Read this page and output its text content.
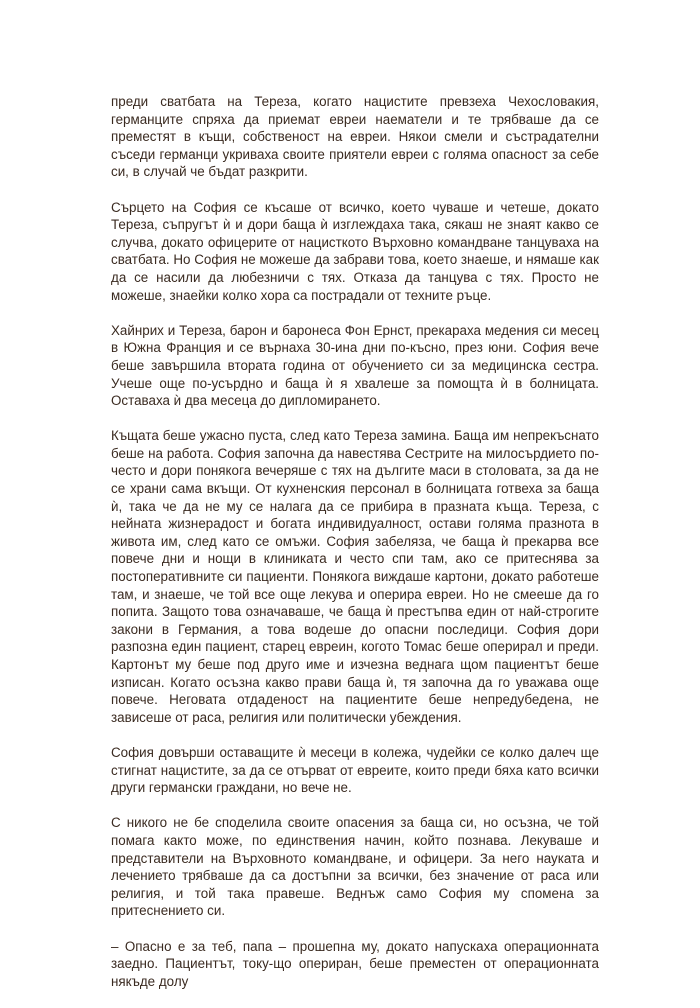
преди сватбата на Тереза, когато нацистите превзеха Чехословакия, германците спряха да приемат евреи наематели и те трябваше да се преместят в къщи, собственост на евреи. Някои смели и състрадателни съседи германци укриваха своите приятели евреи с голяма опасност за себе си, в случай че бъдат разкрити.

Сърцето на София се късаше от всичко, което чуваше и четеше, докато Тереза, съпругът ѝ и дори баща ѝ изглеждаха така, сякаш не знаят какво се случва, докато офицерите от нацисткото Върховно командване танцуваха на сватбата. Но София не можеше да забрави това, което знаеше, и нямаше как да се насили да любезничи с тях. Отказа да танцува с тях. Просто не можеше, знаейки колко хора са пострадали от техните ръце.

Хайнрих и Тереза, барон и баронеса Фон Ернст, прекараха медения си месец в Южна Франция и се върнаха 30-ина дни по-късно, през юни. София вече беше завършила втората година от обучението си за медицинска сестра. Учеше още по-усърдно и баща ѝ я хвалеше за помощта ѝ в болницата. Оставаха ѝ два месеца до дипломирането.

Къщата беше ужасно пуста, след като Тереза замина. Баща им непрекъснато беше на работа. София започна да навестява Сестрите на милосърдието по-често и дори понякога вечеряше с тях на дългите маси в столовата, за да не се храни сама вкъщи. От кухненския персонал в болницата готвеха за баща ѝ, така че да не му се налага да се прибира в празната къща. Тереза, с нейната жизнерадост и богата индивидуалност, остави голяма празнота в живота им, след като се омъжи. София забеляза, че баща ѝ прекарва все повече дни и нощи в клиниката и често спи там, ако се притеснява за постоперативните си пациенти. Понякога виждаше картони, докато работеше там, и знаеше, че той все още лекува и оперира евреи. Но не смееше да го попита. Защото това означаваше, че баща ѝ престъпва един от най-строгите закони в Германия, а това водеше до опасни последици. София дори разпозна един пациент, старец евреин, когото Томас беше оперирал и преди. Картонът му беше под друго име и изчезна веднага щом пациентът беше изписан. Когато осъзна какво прави баща ѝ, тя започна да го уважава още повече. Неговата отдаденост на пациентите беше непредубедена, не зависеше от раса, религия или политически убеждения.

София довърши оставащите ѝ месеци в колежа, чудейки се колко далеч ще стигнат нацистите, за да се отърват от евреите, които преди бяха като всички други германски граждани, но вече не.

С никого не бе споделила своите опасения за баща си, но осъзна, че той помага както може, по единствения начин, който познава. Лекуваше и представители на Върховното командване, и офицери. За него науката и лечението трябваше да са достъпни за всички, без значение от раса или религия, и той така правеше. Веднъж само София му спомена за притеснението си.

– Опасно е за теб, папа – прошепна му, докато напускаха операционната заедно. Пациентът, току-що опериран, беше преместен от операционната някъде долу
